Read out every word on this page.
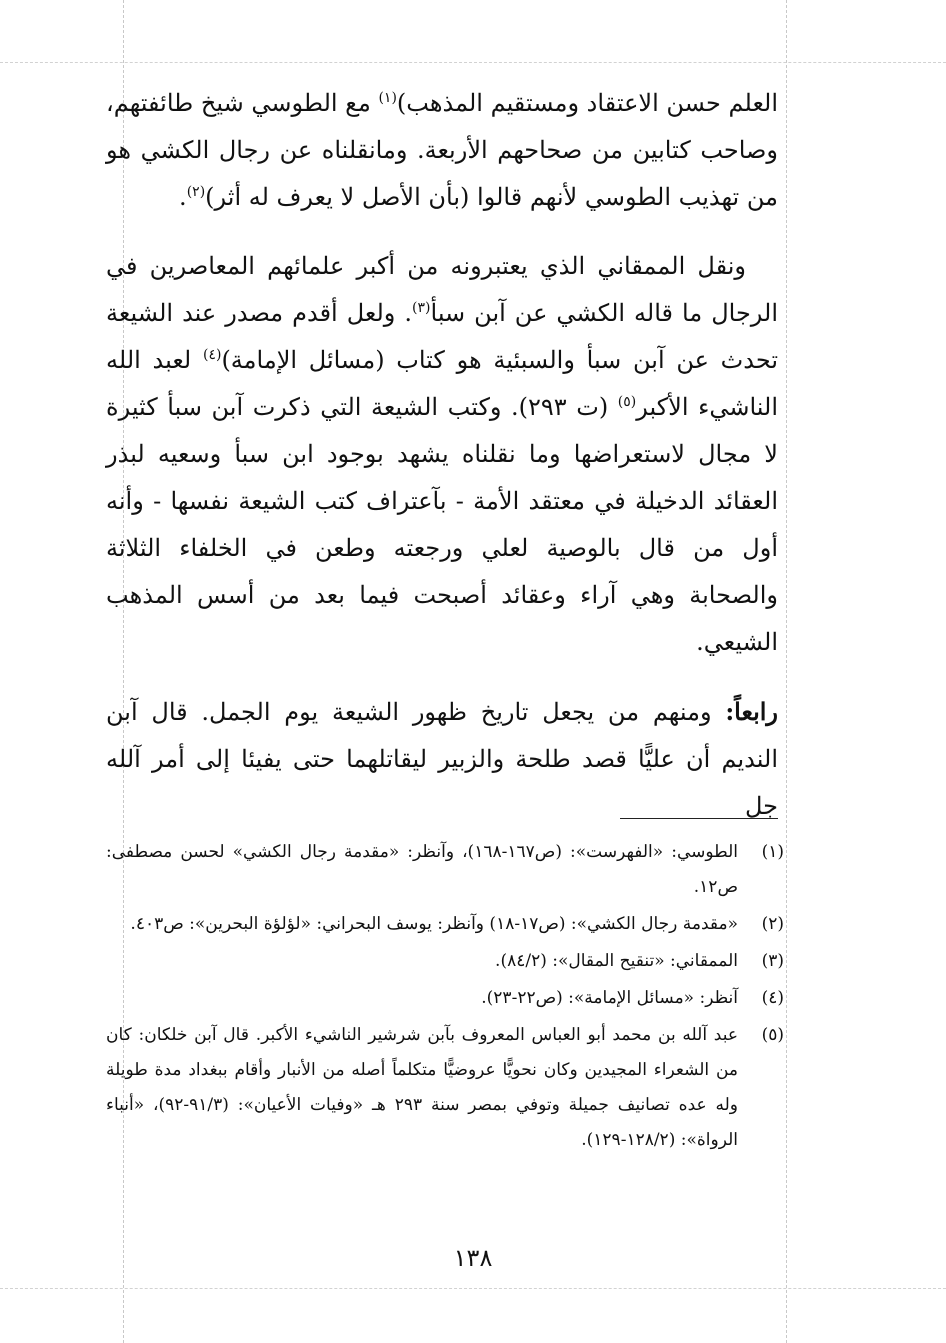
العلم حسن الاعتقاد ومستقيم المذهب)$^{(١)}$ مع الطوسي شيخ طائفتهم، وصاحب كتابين من صحاحهم الأربعة. ومانقلناه عن رجال الكشي هو من تهذيب الطوسي لأنهم قالوا (بأن الأصل لا يعرف له أثر)$^{(٢)}$.

ونقل الممقاني الذي يعتبرونه من أكبر علمائهم المعاصرين في الرجال ما قاله الكشي عن آبن سبأ$^{(٣)}$. ولعل أقدم مصدر عند الشيعة تحدث عن آبن سبأ والسبئية هو كتاب (مسائل الإمامة)$^{(٤)}$ لعبد الله الناشيء الأكبر$^{(٥)}$ (ت ٢٩٣). وكتب الشيعة التي ذكرت آبن سبأ كثيرة لا مجال لاستعراضها وما نقلناه يشهد بوجود ابن سبأ وسعيه لبذر العقائد الدخيلة في معتقد الأمة - بآعتراف كتب الشيعة نفسها - وأنه أول من قال بالوصية لعلي ورجعته وطعن في الخلفاء الثلاثة والصحابة وهي آراء وعقائد أصبحت فيما بعد من أسس المذهب الشيعي.

رابعاً: ومنهم من يجعل تاريخ ظهور الشيعة يوم الجمل. قال آبن النديم أن عليًّا قصد طلحة والزبير ليقاتلهما حتى يفيئا إلى أمر آلله جل

(١)
الطوسي: «الفهرست»: (ص١٦٧-١٦٨)، وآنظر: «مقدمة رجال الكشي» لحسن مصطفى: ص١٢.
(٢)
«مقدمة رجال الكشي»: (ص١٧-١٨) وآنظر: يوسف البحراني: «لؤلؤة البحرين»: ص٤٠٣.
(٣)
الممقاني: «تنقيح المقال»: (٨٤/٢).
(٤)
آنظر: «مسائل الإمامة»: (ص٢٢-٢٣).
(٥)
عبد آلله بن محمد أبو العباس المعروف بآبن شرشير الناشيء الأكبر. قال آبن خلكان: كان من الشعراء المجيدين وكان نحويًّا عروضيًّا متكلماً أصله من الأنبار وأقام ببغداد مدة طويلة وله عده تصانيف جميلة وتوفي بمصر سنة ٢٩٣ هـ «وفيات الأعيان»: (٩١/٣-٩٢)، «أنباء الرواة»: (١٢٨/٢-١٢٩).
١٣٨
